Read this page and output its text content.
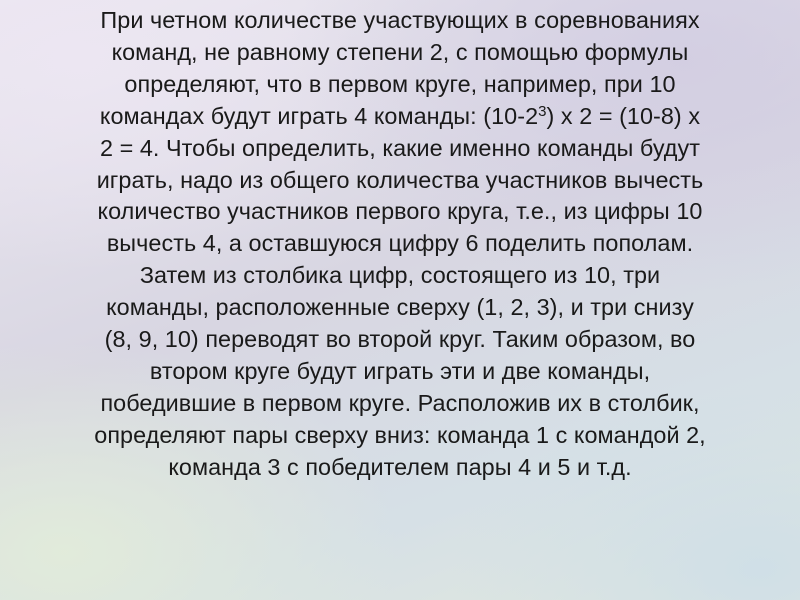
При четном количестве участвующих в соревнованиях
команд, не равному степени 2, с помощью формулы
определяют, что в первом круге, например, при 10
командах будут играть 4 команды: $(10-2^3)$ х 2 = (10-8) х
2 = 4. Чтобы определить, какие именно команды будут
играть, надо из общего количества участников вычесть
количество участников первого круга, т.е., из цифры 10
вычесть 4, а оставшуюся цифру 6 поделить пополам.
Затем из столбика цифр, состоящего из 10, три
команды, расположенные сверху (1, 2, 3), и три снизу
(8, 9, 10) переводят во второй круг. Таким образом, во
втором круге будут играть эти и две команды,
победившие в первом круге. Расположив их в столбик,
определяют пары сверху вниз: команда 1 с командой 2,
команда 3 с победителем пары 4 и 5 и т.д.
